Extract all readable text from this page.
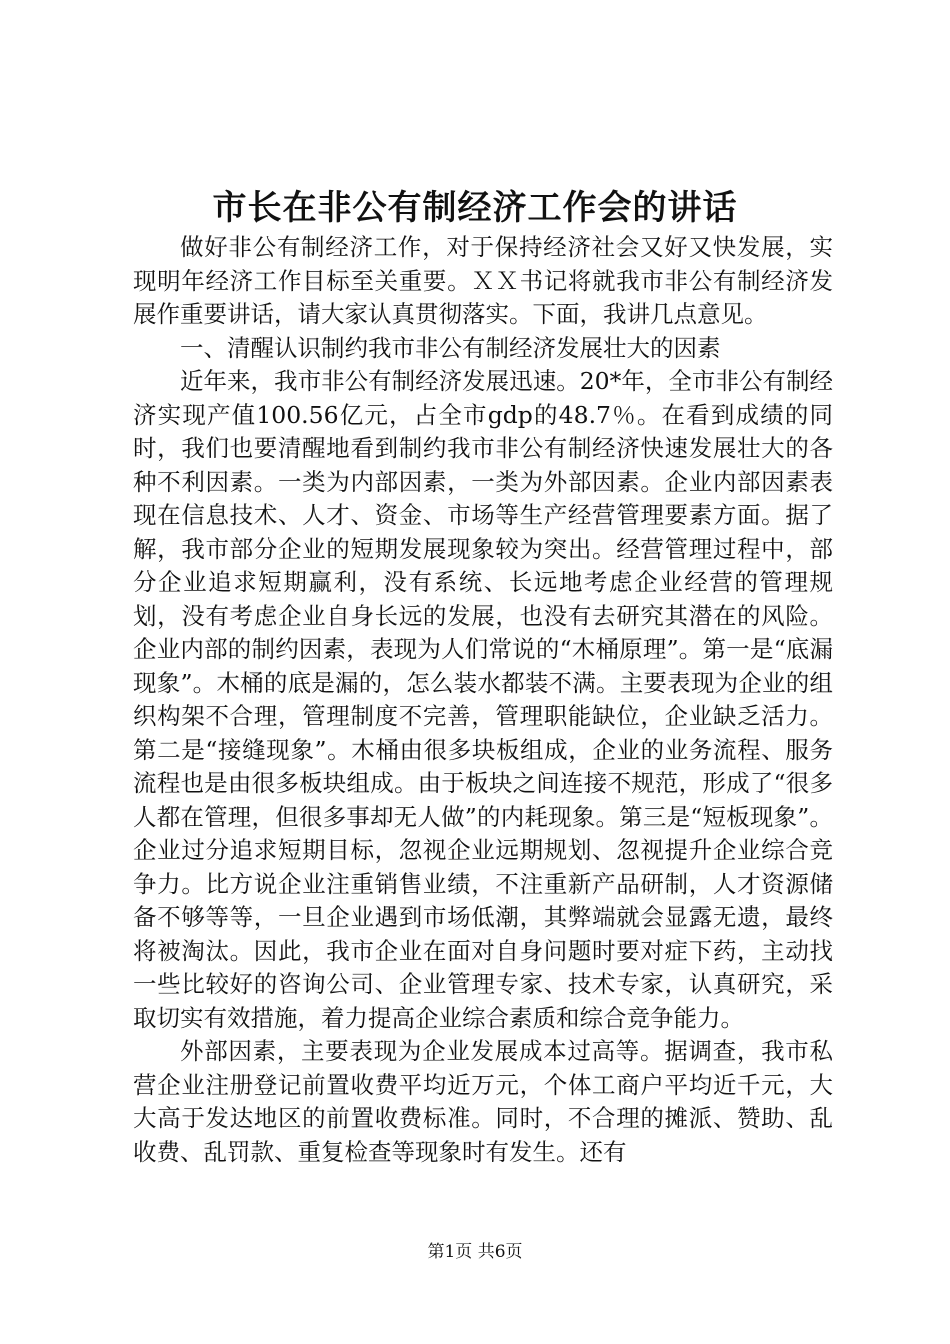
市长在非公有制经济工作会的讲话

做好非公有制经济工作，对于保持经济社会又好又快发展，实现明年经济工作目标至关重要。ＸＸ书记将就我市非公有制经济发展作重要讲话，请大家认真贯彻落实。下面，我讲几点意见。

一、清醒认识制约我市非公有制经济发展壮大的因素

近年来，我市非公有制经济发展迅速。20*年，全市非公有制经济实现产值100.56亿元，占全市gdp的48.7％。在看到成绩的同时，我们也要清醒地看到制约我市非公有制经济快速发展壮大的各种不利因素。一类为内部因素，一类为外部因素。企业内部因素表现在信息技术、人才、资金、市场等生产经营管理要素方面。据了解，我市部分企业的短期发展现象较为突出。经营管理过程中，部分企业追求短期赢利，没有系统、长远地考虑企业经营的管理规划，没有考虑企业自身长远的发展，也没有去研究其潜在的风险。企业内部的制约因素，表现为人们常说的“木桶原理”。第一是“底漏现象”。木桶的底是漏的，怎么装水都装不满。主要表现为企业的组织构架不合理，管理制度不完善，管理职能缺位，企业缺乏活力。第二是“接缝现象”。木桶由很多块板组成，企业的业务流程、服务流程也是由很多板块组成。由于板块之间连接不规范，形成了“很多人都在管理，但很多事却无人做”的内耗现象。第三是“短板现象”。企业过分追求短期目标，忽视企业远期规划、忽视提升企业综合竞争力。比方说企业注重销售业绩，不注重新产品研制，人才资源储备不够等等，一旦企业遇到市场低潮，其弊端就会显露无遗，最终将被淘汰。因此，我市企业在面对自身问题时要对症下药，主动找一些比较好的咨询公司、企业管理专家、技术专家，认真研究，采取切实有效措施，着力提高企业综合素质和综合竞争能力。

外部因素，主要表现为企业发展成本过高等。据调查，我市私营企业注册登记前置收费平均近万元，个体工商户平均近千元，大大高于发达地区的前置收费标准。同时，不合理的摊派、赞助、乱收费、乱罚款、重复检查等现象时有发生。还有

第1页 共6页
